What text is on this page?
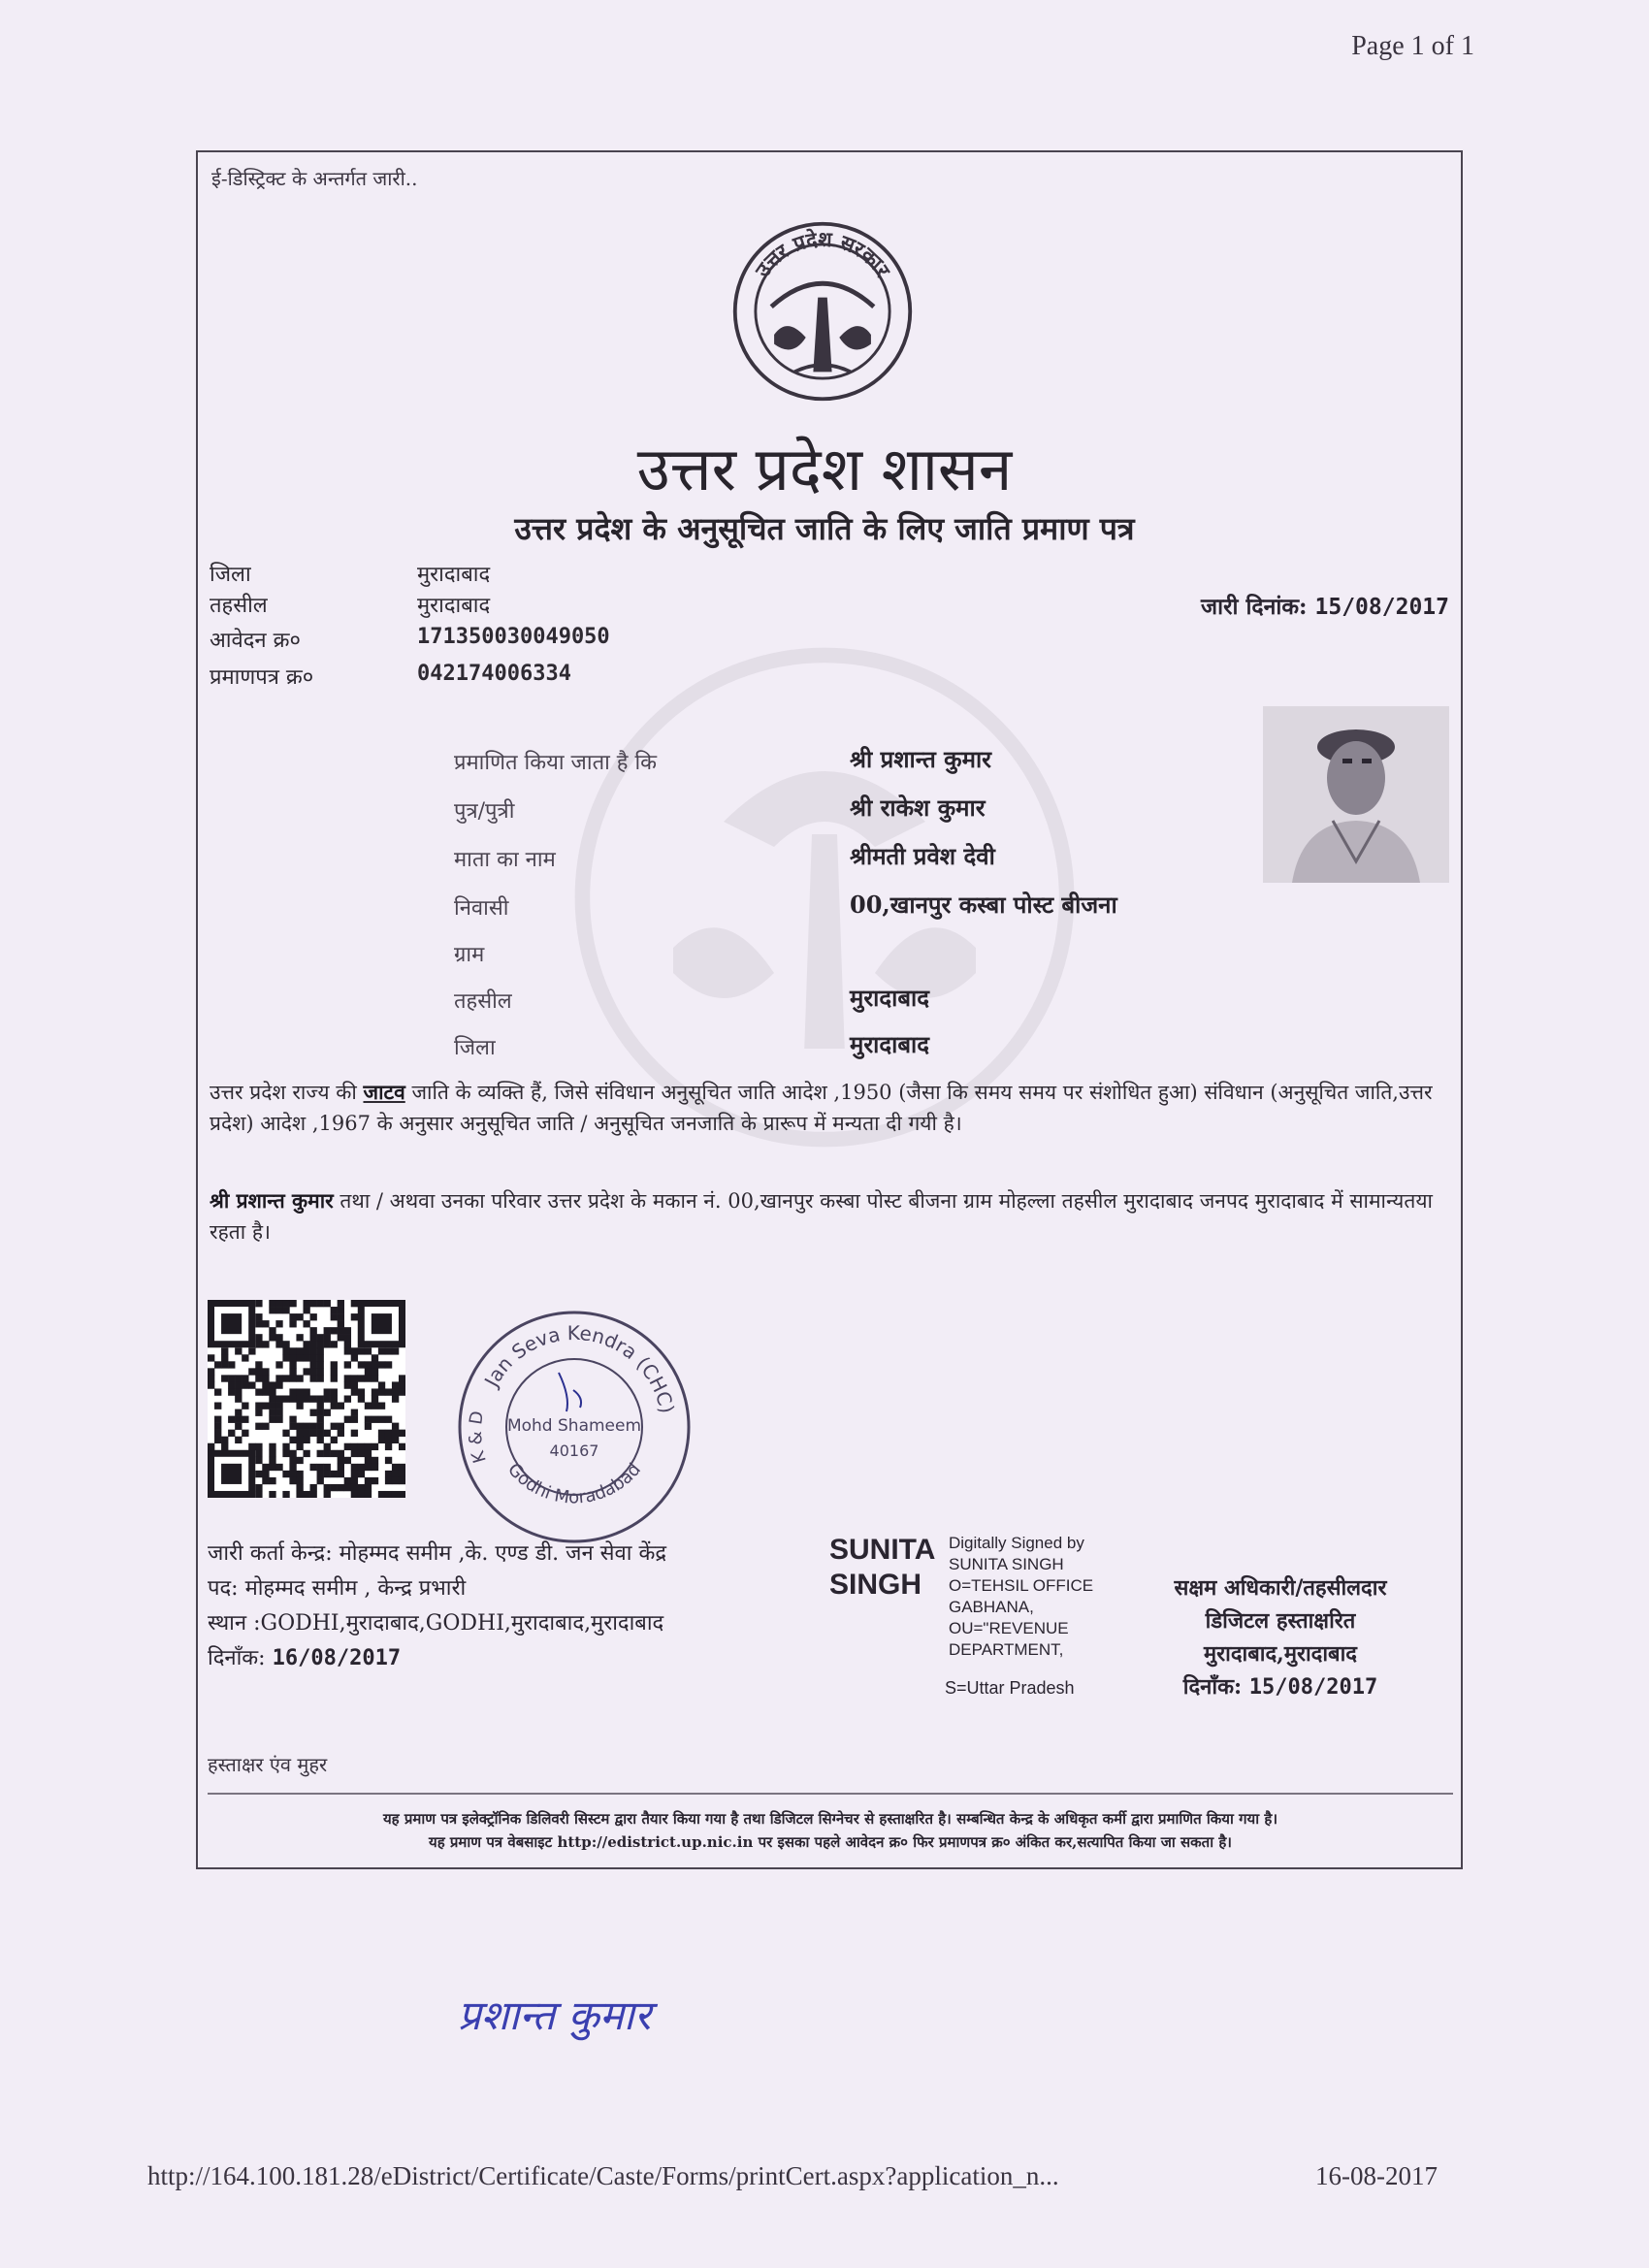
Page 1 of 1
ई-डिस्ट्रिक्ट के अन्तर्गत जारी..
उत्तर प्रदेश सरकार
उत्तर प्रदेश शासन
उत्तर प्रदेश के अनुसूचित जाति के लिए जाति प्रमाण पत्र
जिला	मुरादाबाद
तहसील	मुरादाबाद
आवेदन क्र०	171350030049050
प्रमाणपत्र क्र०	042174006334
जारी दिनांक: 15/08/2017
प्रमाणित किया जाता है कि	श्री प्रशान्त कुमार
पुत्र/पुत्री	श्री राकेश कुमार
माता का नाम	श्रीमती प्रवेश देवी
निवासी	00,खानपुर कस्बा पोस्ट बीजना
ग्राम
तहसील	मुरादाबाद
जिला	मुरादाबाद
उत्तर प्रदेश राज्य की जाटव जाति के व्यक्ति हैं, जिसे संविधान अनुसूचित जाति आदेश ,1950 (जैसा कि समय समय पर संशोधित हुआ) संविधान (अनुसूचित जाति,उत्तर प्रदेश) आदेश ,1967 के अनुसार अनुसूचित जाति / अनुसूचित जनजाति के प्रारूप में मन्यता दी गयी है।
श्री प्रशान्त कुमार तथा / अथवा उनका परिवार उत्तर प्रदेश के मकान नं. 00,खानपुर कस्बा पोस्ट बीजना ग्राम मोहल्ला तहसील मुरादाबाद जनपद मुरादाबाद में सामान्यतया रहता है।
Jan Seva Kendra (CHC)
K & D
Godhi Moradabad
Mohd Shameem
40167
जारी कर्ता केन्द्र: मोहम्मद समीम ,के. एण्ड डी. जन सेवा केंद्र
पद: मोहम्मद समीम , केन्द्र प्रभारी
स्थान :GODHI,मुरादाबाद,GODHI,मुरादाबाद,मुरादाबाद
दिनाँक: 16/08/2017
SUNITA
SINGH
Digitally Signed by
SUNITA SINGH
O=TEHSIL OFFICE
GABHANA,
OU="REVENUE
DEPARTMENT,
S=Uttar Pradesh
सक्षम अधिकारी/तहसीलदार
डिजिटल हस्ताक्षरित
मुरादाबाद,मुरादाबाद
दिनाँक: 15/08/2017
हस्ताक्षर एंव मुहर
यह प्रमाण पत्र इलेक्ट्रॉनिक डिलिवरी सिस्टम द्वारा तैयार किया गया है तथा डिजिटल सिग्नेचर से हस्ताक्षरित है। सम्बन्धित केन्द्र के अधिकृत कर्मी द्वारा प्रमाणित किया गया है।
यह प्रमाण पत्र वेबसाइट http://edistrict.up.nic.in पर इसका पहले आवेदन क्र० फिर प्रमाणपत्र क्र० अंकित कर,सत्यापित किया जा सकता है।
प्रशान्त कुमार
http://164.100.181.28/eDistrict/Certificate/Caste/Forms/printCert.aspx?application_n...	16-08-2017
